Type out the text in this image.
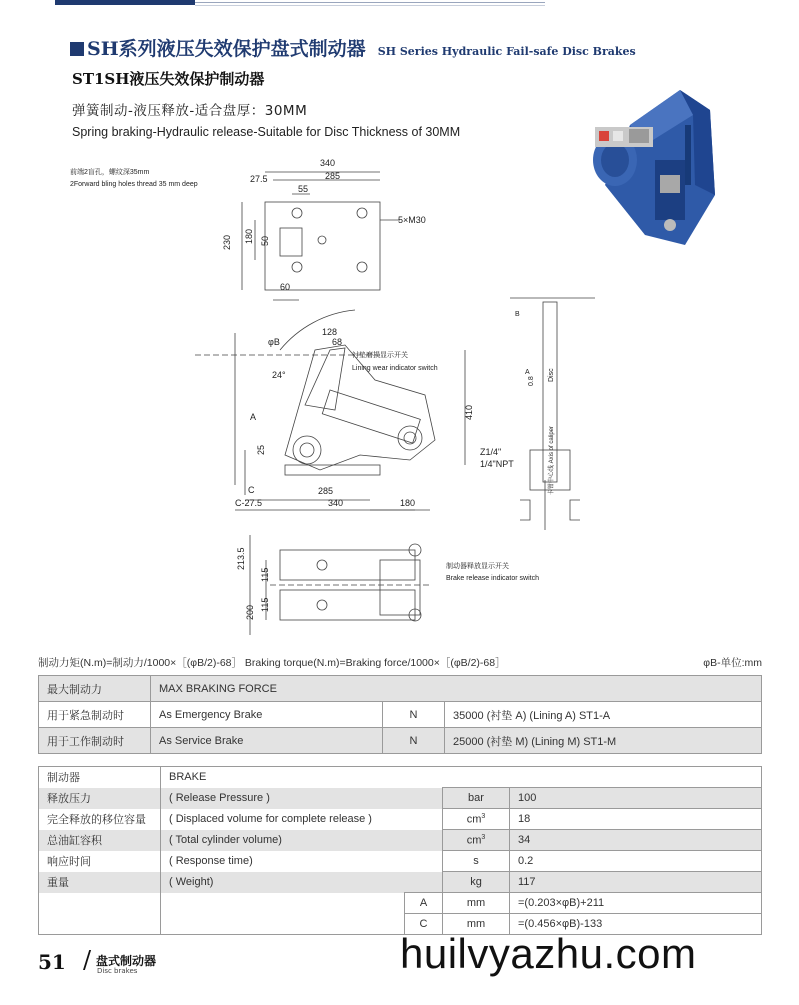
SH系列液压失效保护盘式制动器 SH Series Hydraulic Fail-safe Disc Brakes
ST1SH液压失效保护制动器
弹簧制动-液压释放-适合盘厚：30MM
Spring braking-Hydraulic release-Suitable for Disc Thickness of 30MM
340
27.5	285
55
230 180 50
60
5×M30
前端2盲孔，螺纹深35mm
2Forward bling holes thread 35 mm deep
128
68
φB
24°
A
25
C	285
C-27.5	340	180
410
Z1/4"
1/4"NPT
衬垫磨损显示开关
Lining wear indicator switch
213.5
115
115
200
制动器释放显示开关
Brake release indicator switch
B
A	Disc
0.8
卡钳中心线 Axis of caliper
制动力矩(N.m)=制动力/1000×［(φB/2)-68］ Braking torque(N.m)=Braking force/1000×［(φB/2)-68］	φB-单位:mm
最大制动力	MAX BRAKING FORCE		
用于紧急制动时	As Emergency Brake	N	35000 (衬垫 A) (Lining A) ST1-A
用于工作制动时	As Service Brake	N	25000 (衬垫 M) (Lining M) ST1-M
制动器	BRAKE			
释放压力	( Release Pressure )		bar	100
完全释放的移位容量	( Displaced volume for complete release )		$cm^3$	18
总油缸容积	( Total cylinder volume)		$cm^3$	34
响应时间	( Response time)		s	0.2
重量	( Weight)		kg	117
		A	mm	=(0.203×φB)+211
		C	mm	=(0.456×φB)-133
51 / 盘式制动器
Disc brakes	huilvyazhu.com
